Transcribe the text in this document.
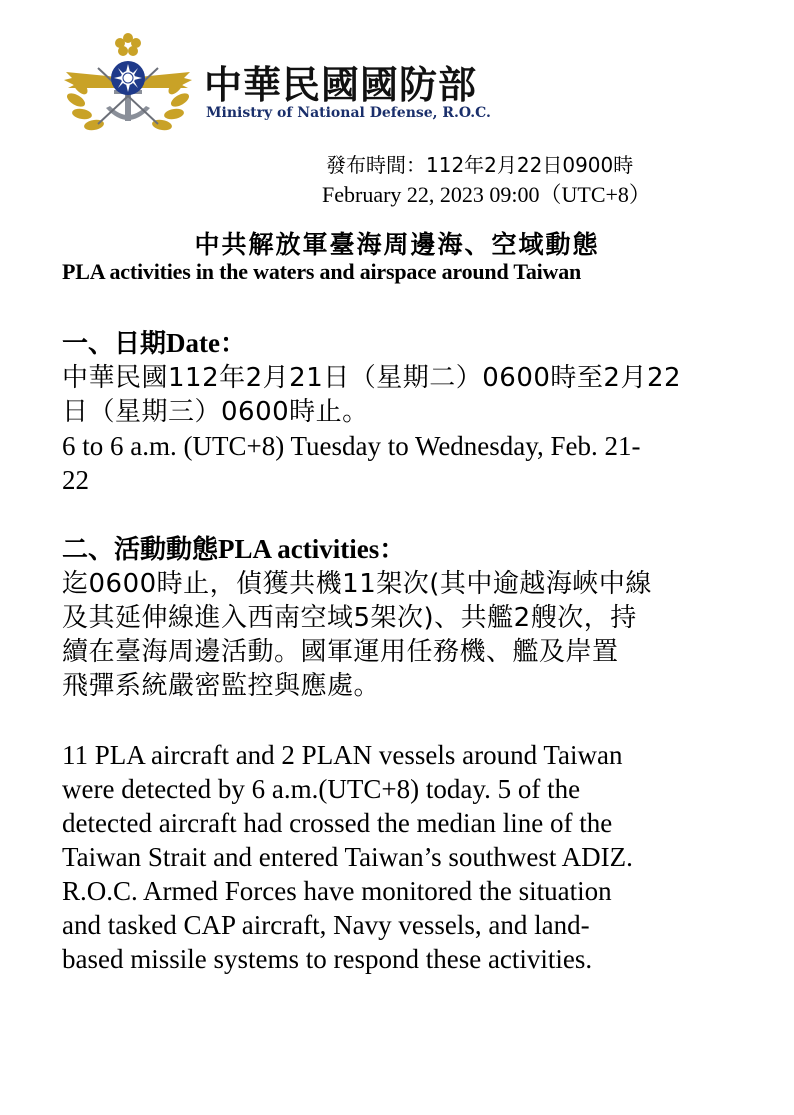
中華民國國防部
Ministry of National Defense, R.O.C.
發布時間：112年2月22日0900時
February 22, 2023 09:00（UTC+8）
中共解放軍臺海周邊海、空域動態
PLA activities in the waters and airspace around Taiwan
一、日期Date：
中華民國112年2月21日（星期二）0600時至2月22
日（星期三）0600時止。
6 to 6 a.m. (UTC+8) Tuesday to Wednesday, Feb. 21-
22
二、活動動態PLA activities：
迄0600時止，偵獲共機11架次(其中逾越海峽中線
及其延伸線進入西南空域5架次)、共艦2艘次，持
續在臺海周邊活動。國軍運用任務機、艦及岸置
飛彈系統嚴密監控與應處。
11 PLA aircraft and 2 PLAN vessels around Taiwan
were detected by 6 a.m.(UTC+8) today. 5 of the
detected aircraft had crossed the median line of the
Taiwan Strait and entered Taiwan’s southwest ADIZ.
R.O.C. Armed Forces have monitored the situation
and tasked CAP aircraft, Navy vessels, and land-
based missile systems to respond these activities.
